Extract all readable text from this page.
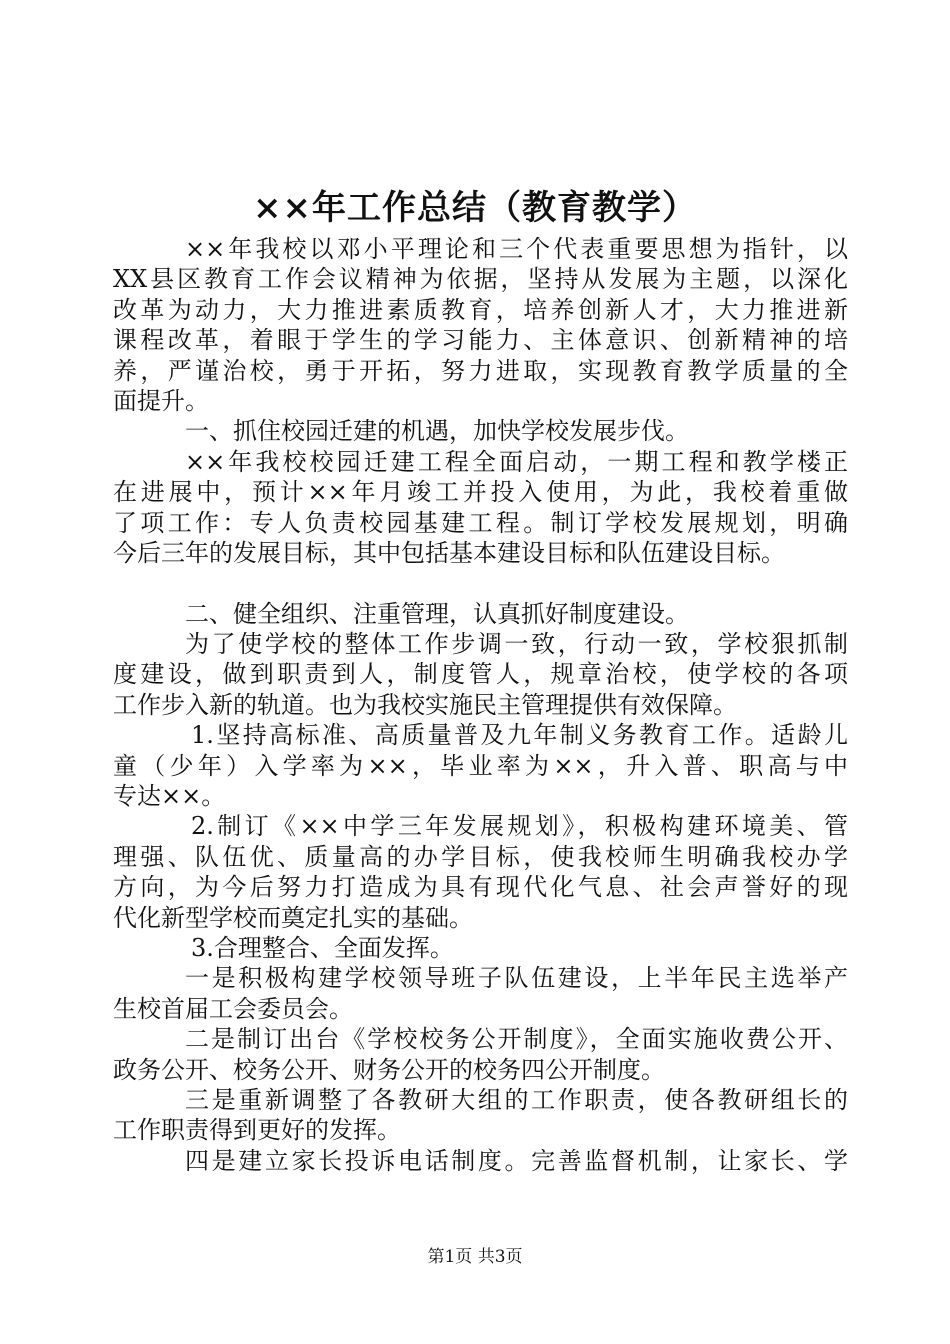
××年工作总结（教育教学）
××年我校以邓小平理论和三个代表重要思想为指针，以
XX县区教育工作会议精神为依据，坚持从发展为主题，以深化
改革为动力，大力推进素质教育，培养创新人才，大力推进新
课程改革，着眼于学生的学习能力、主体意识、创新精神的培
养，严谨治校，勇于开拓，努力进取，实现教育教学质量的全
面提升。
一、抓住校园迁建的机遇，加快学校发展步伐。
××年我校校园迁建工程全面启动，一期工程和教学楼正
在进展中，预计××年月竣工并投入使用，为此，我校着重做
了项工作：专人负责校园基建工程。制订学校发展规划，明确
今后三年的发展目标，其中包括基本建设目标和队伍建设目标。
二、健全组织、注重管理，认真抓好制度建设。
为了使学校的整体工作步调一致，行动一致，学校狠抓制
度建设，做到职责到人，制度管人，规章治校，使学校的各项
工作步入新的轨道。也为我校实施民主管理提供有效保障。
1.坚持高标准、高质量普及九年制义务教育工作。适龄儿
童（少年）入学率为××，毕业率为××，升入普、职高与中
专达××。
2.制订《××中学三年发展规划》，积极构建环境美、管
理强、队伍优、质量高的办学目标，使我校师生明确我校办学
方向，为今后努力打造成为具有现代化气息、社会声誉好的现
代化新型学校而奠定扎实的基础。
3.合理整合、全面发挥。
一是积极构建学校领导班子队伍建设，上半年民主选举产
生校首届工会委员会。
二是制订出台《学校校务公开制度》，全面实施收费公开、
政务公开、校务公开、财务公开的校务四公开制度。
三是重新调整了各教研大组的工作职责，使各教研组长的
工作职责得到更好的发挥。
四是建立家长投诉电话制度。完善监督机制，让家长、学
第1页 共3页
